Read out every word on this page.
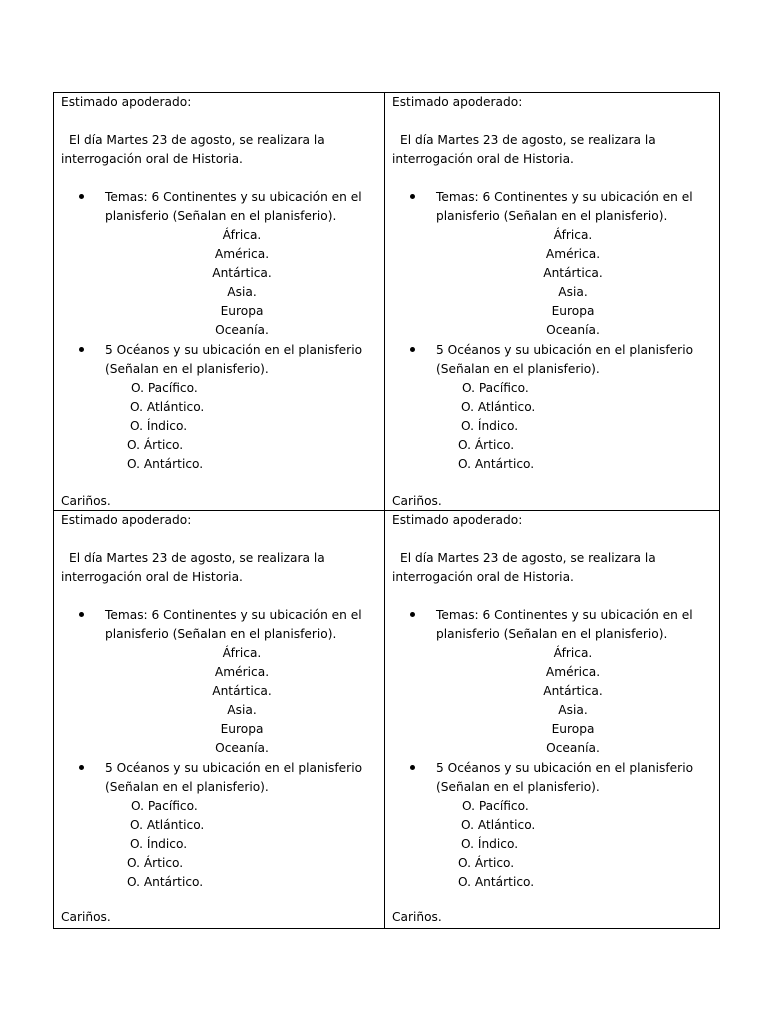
Estimado apoderado:
El día Martes 23 de agosto, se realizara la
interrogación oral de Historia.
Temas: 6 Continentes y su ubicación en el
planisferio (Señalan en el planisferio).
África.
América.
Antártica.
Asia.
Europa
Oceanía.
5 Océanos y su ubicación en el planisferio
(Señalan en el planisferio).
O. Pacífico.
O. Atlántico.
O. Índico.
O. Ártico.
O. Antártico.
Cariños.
Estimado apoderado:
El día Martes 23 de agosto, se realizara la
interrogación oral de Historia.
Temas: 6 Continentes y su ubicación en el
planisferio (Señalan en el planisferio).
África.
América.
Antártica.
Asia.
Europa
Oceanía.
5 Océanos y su ubicación en el planisferio
(Señalan en el planisferio).
O. Pacífico.
O. Atlántico.
O. Índico.
O. Ártico.
O. Antártico.
Cariños.
Estimado apoderado:
El día Martes 23 de agosto, se realizara la
interrogación oral de Historia.
Temas: 6 Continentes y su ubicación en el
planisferio (Señalan en el planisferio).
África.
América.
Antártica.
Asia.
Europa
Oceanía.
5 Océanos y su ubicación en el planisferio
(Señalan en el planisferio).
O. Pacífico.
O. Atlántico.
O. Índico.
O. Ártico.
O. Antártico.
Cariños.
Estimado apoderado:
El día Martes 23 de agosto, se realizara la
interrogación oral de Historia.
Temas: 6 Continentes y su ubicación en el
planisferio (Señalan en el planisferio).
África.
América.
Antártica.
Asia.
Europa
Oceanía.
5 Océanos y su ubicación en el planisferio
(Señalan en el planisferio).
O. Pacífico.
O. Atlántico.
O. Índico.
O. Ártico.
O. Antártico.
Cariños.
